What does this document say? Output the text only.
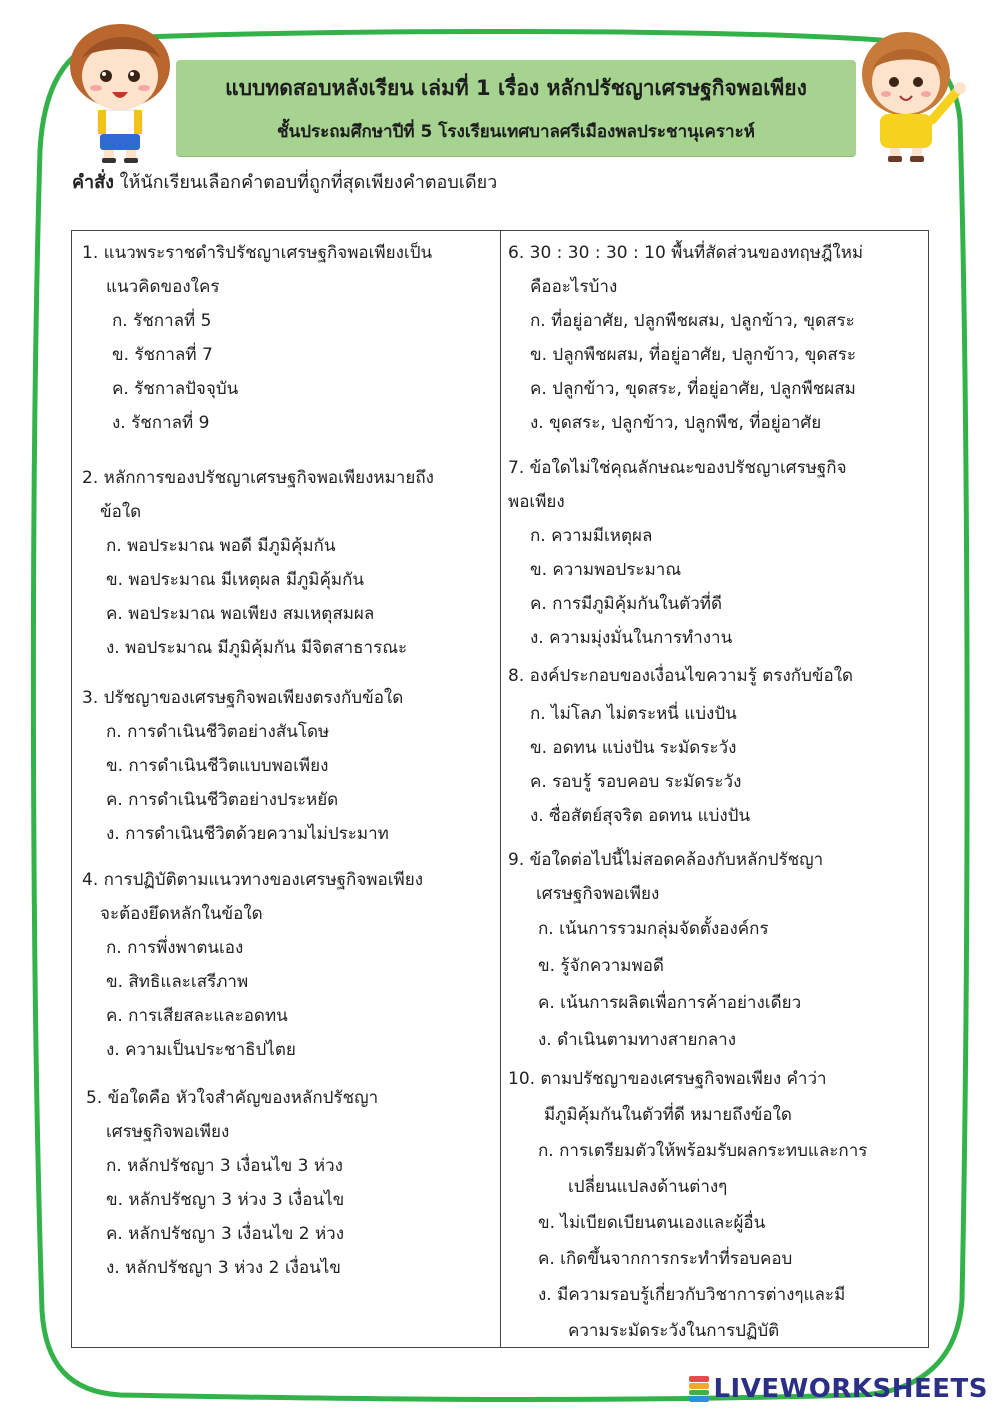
แบบทดสอบหลังเรียน เล่มที่ 1 เรื่อง หลักปรัชญาเศรษฐกิจพอเพียง
ชั้นประถมศึกษาปีที่ 5 โรงเรียนเทศบาลศรีเมืองพลประชานุเคราะห์
คำสั่ง ให้นักเรียนเลือกคำตอบที่ถูกที่สุดเพียงคำตอบเดียว
1. แนวพระราชดำริปรัชญาเศรษฐกิจพอเพียงเป็น
แนวคิดของใคร
ก. รัชกาลที่ 5
ข. รัชกาลที่ 7
ค. รัชกาลปัจจุบัน
ง. รัชกาลที่ 9
2. หลักการของปรัชญาเศรษฐกิจพอเพียงหมายถึง
ข้อใด
ก. พอประมาณ พอดี มีภูมิคุ้มกัน
ข. พอประมาณ มีเหตุผล มีภูมิคุ้มกัน
ค. พอประมาณ พอเพียง สมเหตุสมผล
ง. พอประมาณ มีภูมิคุ้มกัน มีจิตสาธารณะ
3. ปรัชญาของเศรษฐกิจพอเพียงตรงกับข้อใด
ก. การดำเนินชีวิตอย่างสันโดษ
ข. การดำเนินชีวิตแบบพอเพียง
ค. การดำเนินชีวิตอย่างประหยัด
ง. การดำเนินชีวิตด้วยความไม่ประมาท
4. การปฏิบัติตามแนวทางของเศรษฐกิจพอเพียง
จะต้องยึดหลักในข้อใด
ก. การพึ่งพาตนเอง
ข. สิทธิและเสรีภาพ
ค. การเสียสละและอดทน
ง. ความเป็นประชาธิปไตย
5. ข้อใดคือ หัวใจสำคัญของหลักปรัชญา
เศรษฐกิจพอเพียง
ก. หลักปรัชญา 3 เงื่อนไข 3 ห่วง
ข. หลักปรัชญา 3 ห่วง 3 เงื่อนไข
ค. หลักปรัชญา 3 เงื่อนไข 2 ห่วง
ง. หลักปรัชญา 3 ห่วง 2 เงื่อนไข
6. 30 : 30 : 30 : 10 พื้นที่สัดส่วนของทฤษฎีใหม่
คืออะไรบ้าง
ก. ที่อยู่อาศัย, ปลูกพืชผสม, ปลูกข้าว, ขุดสระ
ข. ปลูกพืชผสม, ที่อยู่อาศัย, ปลูกข้าว, ขุดสระ
ค. ปลูกข้าว, ขุดสระ, ที่อยู่อาศัย, ปลูกพืชผสม
ง. ขุดสระ, ปลูกข้าว, ปลูกพืช, ที่อยู่อาศัย
7. ข้อใดไม่ใช่คุณลักษณะของปรัชญาเศรษฐกิจ
พอเพียง
ก. ความมีเหตุผล
ข. ความพอประมาณ
ค. การมีภูมิคุ้มกันในตัวที่ดี
ง. ความมุ่งมั่นในการทำงาน
8. องค์ประกอบของเงื่อนไขความรู้ ตรงกับข้อใด
ก. ไม่โลภ ไม่ตระหนี่ แบ่งปัน
ข. อดทน แบ่งปัน ระมัดระวัง
ค. รอบรู้ รอบคอบ ระมัดระวัง
ง. ซื่อสัตย์สุจริต อดทน แบ่งปัน
9. ข้อใดต่อไปนี้ไม่สอดคล้องกับหลักปรัชญา
เศรษฐกิจพอเพียง
ก. เน้นการรวมกลุ่มจัดตั้งองค์กร
ข. รู้จักความพอดี
ค. เน้นการผลิตเพื่อการค้าอย่างเดียว
ง. ดำเนินตามทางสายกลาง
10. ตามปรัชญาของเศรษฐกิจพอเพียง คำว่า
มีภูมิคุ้มกันในตัวที่ดี หมายถึงข้อใด
ก. การเตรียมตัวให้พร้อมรับผลกระทบและการ
เปลี่ยนแปลงด้านต่างๆ
ข. ไม่เบียดเบียนตนเองและผู้อื่น
ค. เกิดขึ้นจากการกระทำที่รอบคอบ
ง. มีความรอบรู้เกี่ยวกับวิชาการต่างๆและมี
ความระมัดระวังในการปฏิบัติ
LIVEWORKSHEETS
